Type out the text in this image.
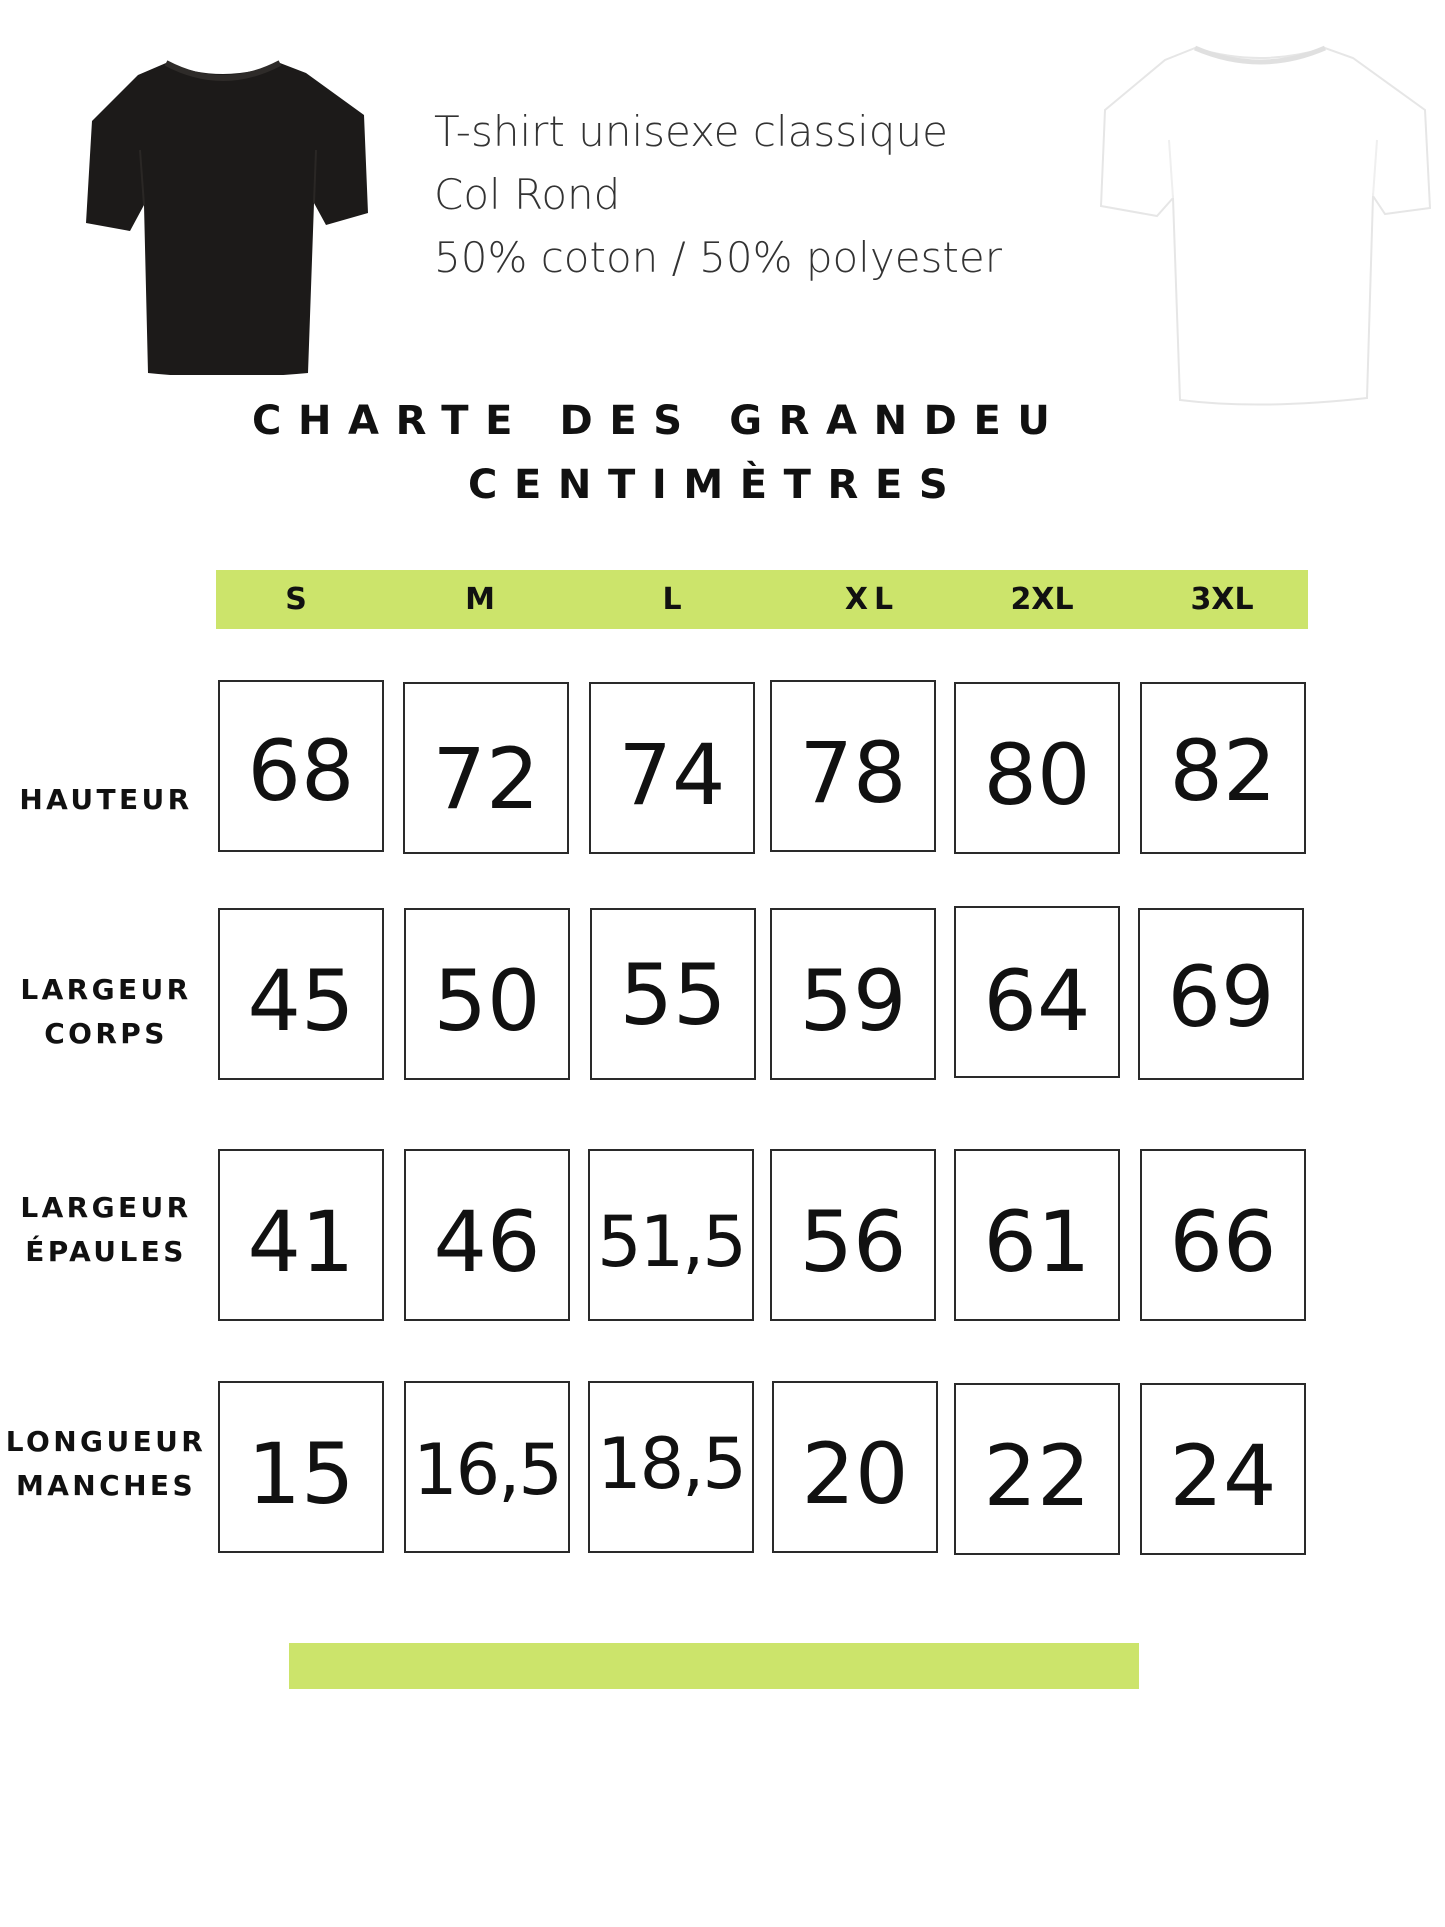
T-shirt unisexe classique
Col Rond
50% coton / 50% polyester
CHARTE DES GRANDEU
CENTIMÈTRES
S	M	L	XL	2XL	3XL
HAUTEUR 68 72 74 78 80 82
LARGEUR
CORPS 45 50 55 59 64 69
LARGEUR
ÉPAULES 41 46 51,5 56 61 66
LONGUEUR
MANCHES 15 16,5 18,5 20 22 24
